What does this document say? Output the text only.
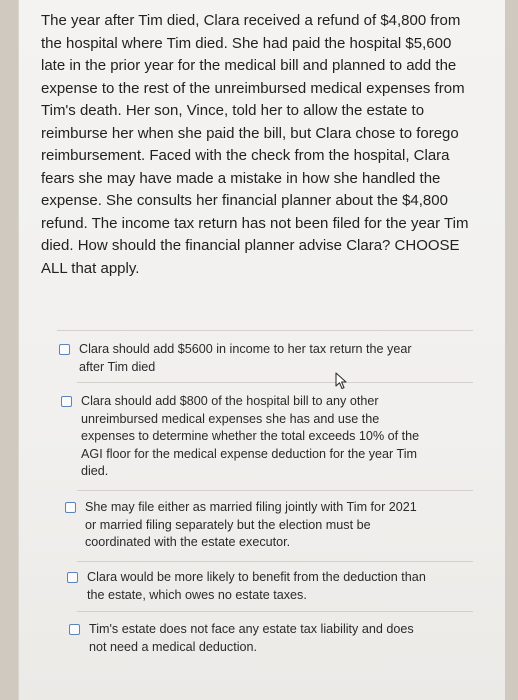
The year after Tim died, Clara received a refund of $4,800 from the hospital where Tim died. She had paid the hospital $5,600 late in the prior year for the medical bill and planned to add the expense to the rest of the unreimbursed medical expenses from Tim's death. Her son, Vince, told her to allow the estate to reimburse her when she paid the bill, but Clara chose to forego reimbursement. Faced with the check from the hospital, Clara fears she may have made a mistake in how she handled the expense. She consults her financial planner about the $4,800 refund. The income tax return has not been filed for the year Tim died. How should the financial planner advise Clara? CHOOSE ALL that apply.
Clara should add $5600 in income to her tax return the year after Tim died
Clara should add $800 of the hospital bill to any other unreimbursed medical expenses she has and use the expenses to determine whether the total exceeds 10% of the AGI floor for the medical expense deduction for the year Tim died.
She may file either as married filing jointly with Tim for 2021 or married filing separately but the election must be coordinated with the estate executor.
Clara would be more likely to benefit from the deduction than the estate, which owes no estate taxes.
Tim's estate does not face any estate tax liability and does not need a medical deduction.
